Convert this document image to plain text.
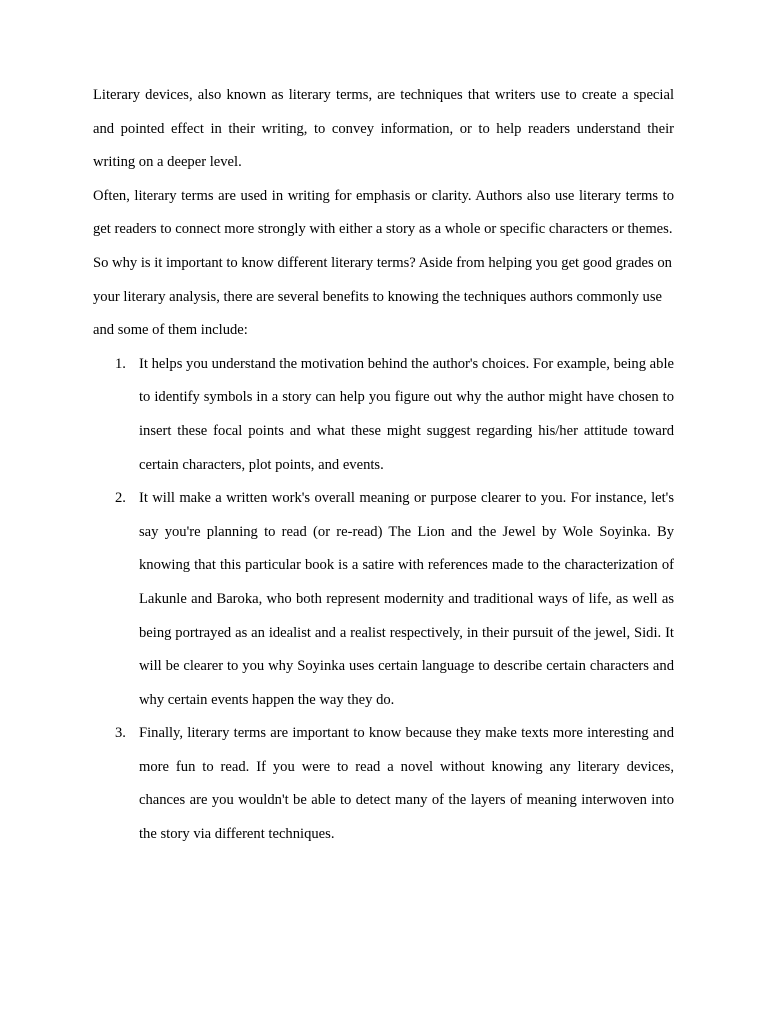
Literary devices, also known as literary terms, are techniques that writers use to create a special and pointed effect in their writing, to convey information, or to help readers understand their writing on a deeper level.

Often, literary terms are used in writing for emphasis or clarity. Authors also use literary terms to get readers to connect more strongly with either a story as a whole or specific characters or themes.

So why is it important to know different literary terms? Aside from helping you get good grades on your literary analysis, there are several benefits to knowing the techniques authors commonly use and some of them include:

1. It helps you understand the motivation behind the author's choices. For example, being able to identify symbols in a story can help you figure out why the author might have chosen to insert these focal points and what these might suggest regarding his/her attitude toward certain characters, plot points, and events.
2. It will make a written work's overall meaning or purpose clearer to you. For instance, let's say you're planning to read (or re-read) The Lion and the Jewel by Wole Soyinka. By knowing that this particular book is a satire with references made to the characterization of Lakunle and Baroka, who both represent modernity and traditional ways of life, as well as being portrayed as an idealist and a realist respectively, in their pursuit of the jewel, Sidi. It will be clearer to you why Soyinka uses certain language to describe certain characters and why certain events happen the way they do.
3. Finally, literary terms are important to know because they make texts more interesting and more fun to read. If you were to read a novel without knowing any literary devices, chances are you wouldn't be able to detect many of the layers of meaning interwoven into the story via different techniques.
